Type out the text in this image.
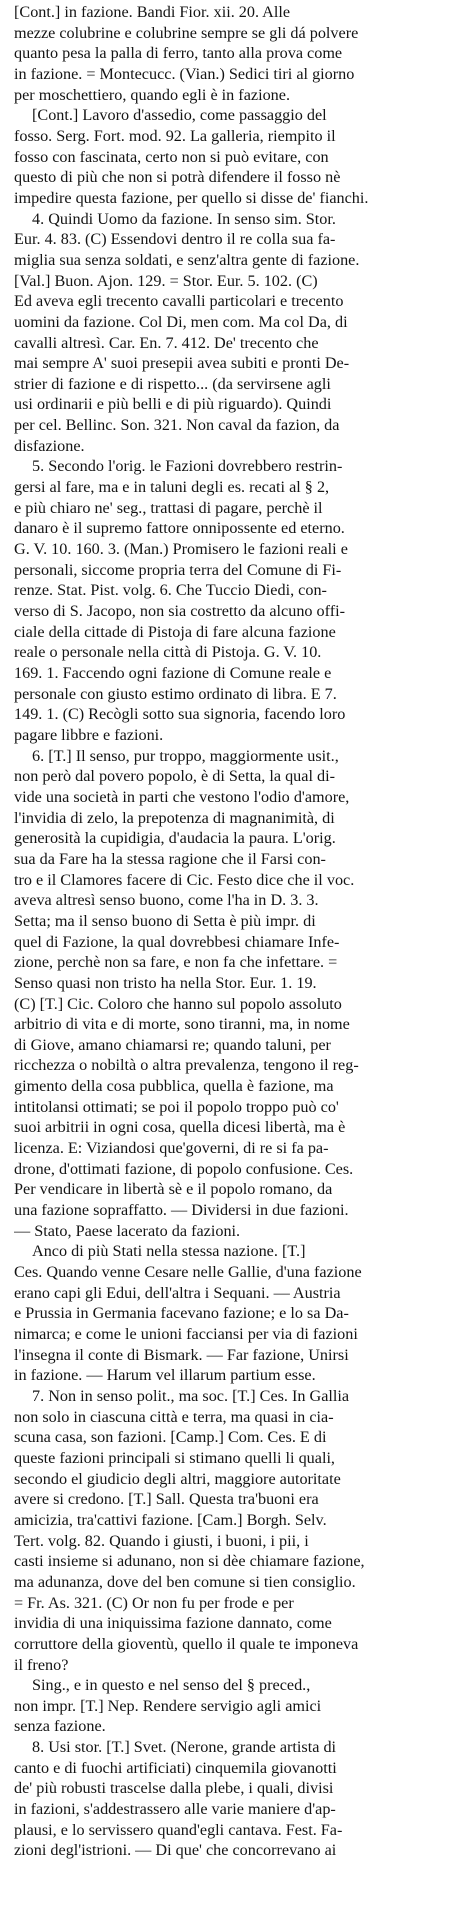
[Cont.] in fazione. Bandi Fior. xii. 20. Alle
mezze colubrine e colubrine sempre se gli dá polvere
quanto pesa la palla di ferro, tanto alla prova come
in fazione. = Montecucc. (Vian.) Sedici tiri al giorno
per moschettiero, quando egli è in fazione.
[Cont.] Lavoro d'assedio, come passaggio del
fosso. Serg. Fort. mod. 92. La galleria, riempito il
fosso con fascinata, certo non si può evitare, con
questo di più che non si potrà difendere il fosso nè
impedire questa fazione, per quello si disse de' fianchi.
4. Quindi Uomo da fazione. In senso sim. Stor.
Eur. 4. 83. (C) Essendovi dentro il re colla sua fa-
miglia sua senza soldati, e senz'altra gente di fazione.
[Val.] Buon. Ajon. 129. = Stor. Eur. 5. 102. (C)
Ed aveva egli trecento cavalli particolari e trecento
uomini da fazione. Col Di, men com. Ma col Da, di
cavalli altresì. Car. En. 7. 412. De' trecento che
mai sempre A' suoi presepii avea subiti e pronti De-
strier di fazione e di rispetto... (da servirsene agli
usi ordinarii e più belli e di più riguardo). Quindi
per cel. Bellinc. Son. 321. Non caval da fazion, da
disfazione.
5. Secondo l'orig. le Fazioni dovrebbero restrin-
gersi al fare, ma e in taluni degli es. recati al § 2,
e più chiaro ne' seg., trattasi di pagare, perchè il
danaro è il supremo fattore onnipossente ed eterno.
G. V. 10. 160. 3. (Man.) Promisero le fazioni reali e
personali, siccome propria terra del Comune di Fi-
renze. Stat. Pist. volg. 6. Che Tuccio Diedi, con-
verso di S. Jacopo, non sia costretto da alcuno offi-
ciale della cittade di Pistoja di fare alcuna fazione
reale o personale nella città di Pistoja. G. V. 10.
169. 1. Faccendo ogni fazione di Comune reale e
personale con giusto estimo ordinato di libra. E 7.
149. 1. (C) Recògli sotto sua signoria, facendo loro
pagare libbre e fazioni.
6. [T.] Il senso, pur troppo, maggiormente usit.,
non però dal povero popolo, è di Setta, la qual di-
vide una società in parti che vestono l'odio d'amore,
l'invidia di zelo, la prepotenza di magnanimità, di
generosità la cupidigia, d'audacia la paura. L'orig.
sua da Fare ha la stessa ragione che il Farsi con-
tro e il Clamores facere di Cic. Festo dice che il voc.
aveva altresì senso buono, come l'ha in D. 3. 3.
Setta; ma il senso buono di Setta è più impr. di
quel di Fazione, la qual dovrebbesi chiamare Infe-
zione, perchè non sa fare, e non fa che infettare. =
Senso quasi non tristo ha nella Stor. Eur. 1. 19.
(C) [T.] Cic. Coloro che hanno sul popolo assoluto
arbitrio di vita e di morte, sono tiranni, ma, in nome
di Giove, amano chiamarsi re; quando taluni, per
ricchezza o nobiltà o altra prevalenza, tengono il reg-
gimento della cosa pubblica, quella è fazione, ma
intitolansi ottimati; se poi il popolo troppo può co'
suoi arbitrii in ogni cosa, quella dicesi libertà, ma è
licenza. E: Viziandosi que'governi, di re si fa pa-
drone, d'ottimati fazione, di popolo confusione. Ces.
Per vendicare in libertà sè e il popolo romano, da
una fazione sopraffatto. — Dividersi in due fazioni.
— Stato, Paese lacerato da fazioni.
Anco di più Stati nella stessa nazione. [T.]
Ces. Quando venne Cesare nelle Gallie, d'una fazione
erano capi gli Edui, dell'altra i Sequani. — Austria
e Prussia in Germania facevano fazione; e lo sa Da-
nimarca; e come le unioni facciansi per via di fazioni
l'insegna il conte di Bismark. — Far fazione, Unirsi
in fazione. — Harum vel illarum partium esse.
7. Non in senso polit., ma soc. [T.] Ces. In Gallia
non solo in ciascuna città e terra, ma quasi in cia-
scuna casa, son fazioni. [Camp.] Com. Ces. E di
queste fazioni principali si stimano quelli li quali,
secondo el giudicio degli altri, maggiore autoritate
avere si credono. [T.] Sall. Questa tra'buoni era
amicizia, tra'cattivi fazione. [Cam.] Borgh. Selv.
Tert. volg. 82. Quando i giusti, i buoni, i pii, i
casti insieme si adunano, non si dèe chiamare fazione,
ma adunanza, dove del ben comune si tien consiglio.
= Fr. As. 321. (C) Or non fu per frode e per
invidia di una iniquissima fazione dannato, come
corruttore della gioventù, quello il quale te imponeva
il freno?
Sing., e in questo e nel senso del § preced.,
non impr. [T.] Nep. Rendere servigio agli amici
senza fazione.
8. Usi stor. [T.] Svet. (Nerone, grande artista di
canto e di fuochi artificiati) cinquemila giovanotti
de' più robusti trascelse dalla plebe, i quali, divisi
in fazioni, s'addestrassero alle varie maniere d'ap-
plausi, e lo servissero quand'egli cantava. Fest. Fa-
zioni degl'istrioni. — Di que' che concorrevano ai
